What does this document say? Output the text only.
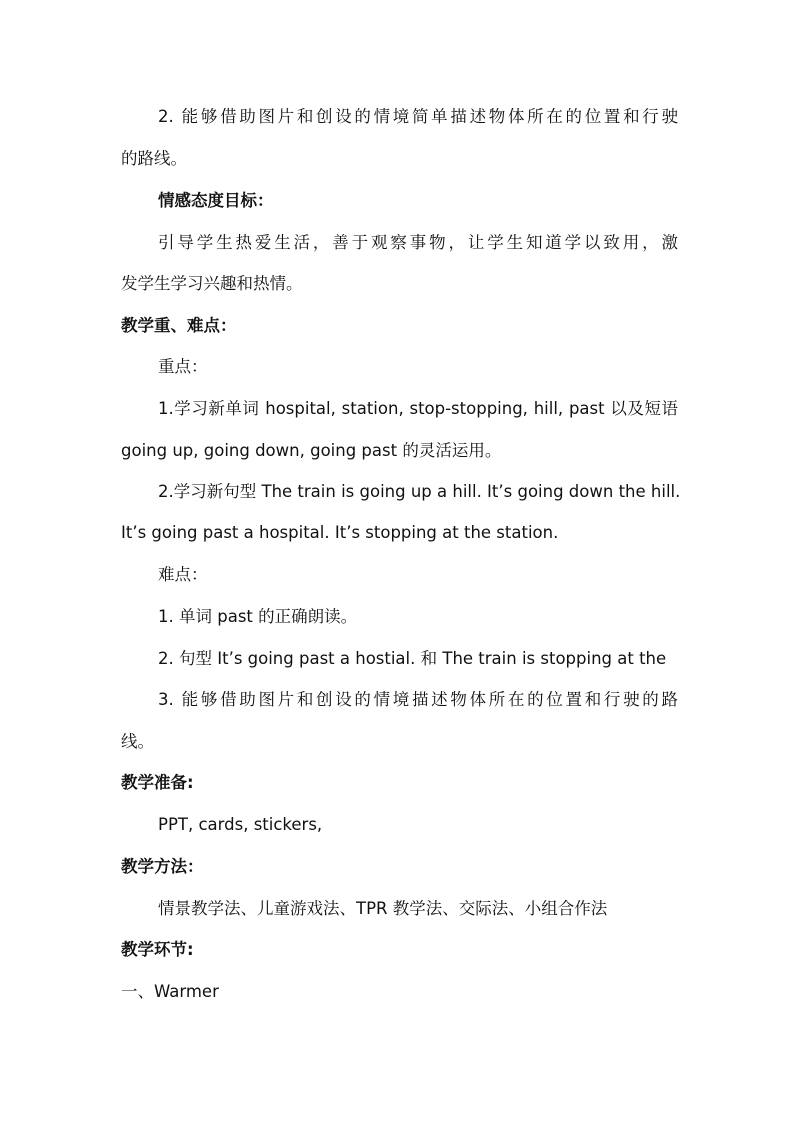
2. 能够借助图片和创设的情境简单描述物体所在的位置和行驶
的路线。
情感态度目标：
引导学生热爱生活，善于观察事物，让学生知道学以致用，激
发学生学习兴趣和热情。
教学重、难点：
重点：
1.学习新单词 hospital, station, stop-stopping, hill, past 以及短语
going up, going down, going past 的灵活运用。
2.学习新句型 The train is going up a hill. It’s going down the hill.
It’s going past a hospital. It’s stopping at the station.
难点：
1. 单词 past 的正确朗读。
2. 句型 It’s going past a hostial. 和 The train is stopping at the
3. 能够借助图片和创设的情境描述物体所在的位置和行驶的路
线。
教学准备:
PPT, cards, stickers,
教学方法：
情景教学法、儿童游戏法、TPR 教学法、交际法、小组合作法
教学环节:
一、Warmer
